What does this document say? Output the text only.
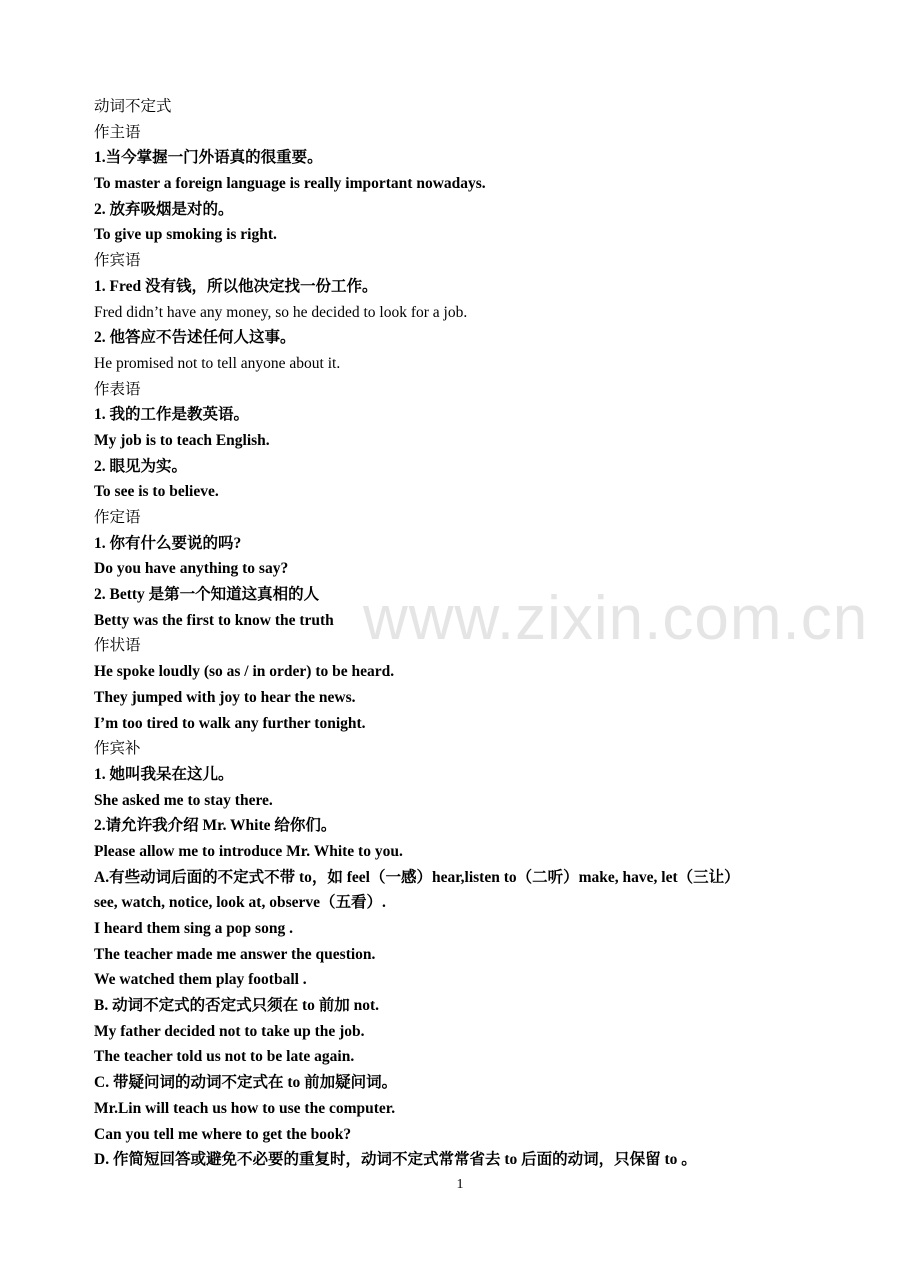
动词不定式
作主语
1.当今掌握一门外语真的很重要。
To master a foreign language is really important nowadays.
2. 放弃吸烟是对的。
To give up smoking is right.
作宾语
1. Fred 没有钱，所以他决定找一份工作。
Fred didn’t have any money, so he decided to look for a job.
2. 他答应不告述任何人这事。
He promised not to tell anyone about it.
作表语
1. 我的工作是教英语。
My job is to teach English.
2. 眼见为实。
To see is to believe.
作定语
1. 你有什么要说的吗?
Do you have anything to say?
2. Betty 是第一个知道这真相的人
Betty was the first to know the truth
作状语
He spoke loudly (so as / in order) to be heard.
They jumped with joy to hear the news.
I’m too tired to walk any further tonight.
作宾补
1. 她叫我呆在这儿。
She asked me to stay there.
2.请允许我介绍 Mr. White 给你们。
Please allow me to introduce Mr. White to you.
A.有些动词后面的不定式不带 to，如 feel（一感）hear,listen to（二听）make, have, let（三让）
see, watch, notice, look at, observe（五看）.
I heard them sing a pop song .
The teacher made me answer the question.
We watched them play football .
B. 动词不定式的否定式只须在 to 前加 not.
My father decided not to take up the job.
The teacher told us not to be late again.
C. 带疑问词的动词不定式在 to 前加疑问词。
Mr.Lin will teach us how to use the computer.
Can you tell me where to get the book?
D. 作简短回答或避免不必要的重复时，动词不定式常常省去 to 后面的动词，只保留 to 。
www.zixin.com.cn
1
